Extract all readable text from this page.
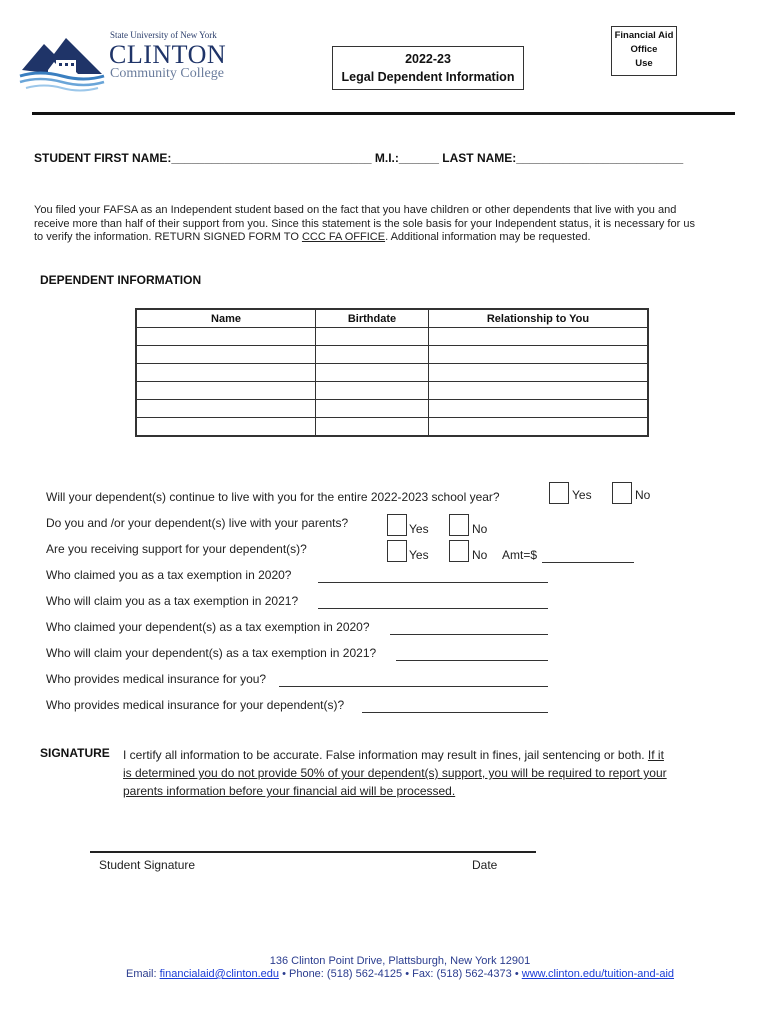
State University of New York
CLINTON
Community College
2022-23
Legal Dependent Information
Financial Aid
Office
Use
STUDENT FIRST NAME:______________________________ M.I.:______ LAST NAME:_________________________
You filed your FAFSA as an Independent student based on the fact that you have children or other dependents that live with you and
receive more than half of their support from you. Since this statement is the sole basis for your Independent status, it is necessary for us
to verify the information. RETURN SIGNED FORM TO CCC FA OFFICE. Additional information may be requested.
DEPENDENT INFORMATION
Name	Birthdate	Relationship to You

Will your dependent(s) continue to live with you for the entire 2022-2023 school year?	Yes	No
Do you and /or your dependent(s) live with your parents?	Yes	No
Are you receiving support for your dependent(s)?	Yes	No Amt=$
Who claimed you as a tax exemption in 2020?
Who will claim you as a tax exemption in 2021?
Who claimed your dependent(s) as a tax exemption in 2020?
Who will claim your dependent(s) as a tax exemption in 2021?
Who provides medical insurance for you?
Who provides medical insurance for your dependent(s)?
SIGNATURE I certify all information to be accurate. False information may result in fines, jail sentencing or both. If it
is determined you do not provide 50% of your dependent(s) support, you will be required to report your
parents information before your financial aid will be processed.
Student Signature	Date
136 Clinton Point Drive, Plattsburgh, New York 12901
Email: financialaid@clinton.edu • Phone: (518) 562-4125 • Fax: (518) 562-4373 • www.clinton.edu/tuition-and-aid
